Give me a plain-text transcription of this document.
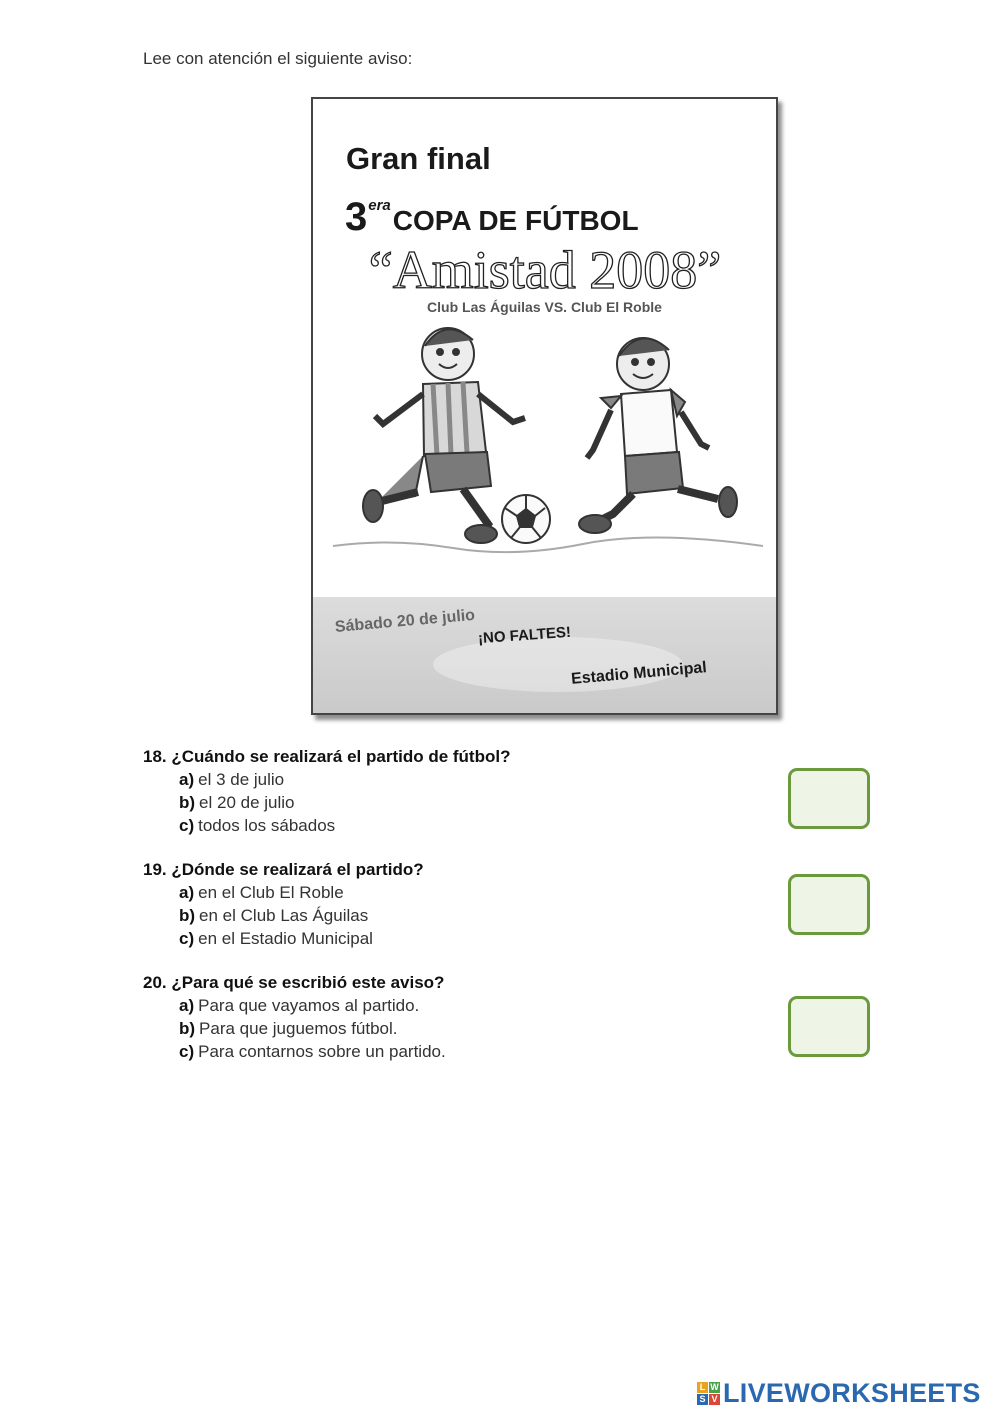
Lee con atención el siguiente aviso:
Gran final
3eraCOPA DE FÚTBOL
“Amistad 2008”
Club Las Águilas VS. Club El Roble
Sábado 20 de julio ¡NO FALTES!
Estadio Municipal
18. ¿Cuándo se realizará el partido de fútbol?
a) el 3 de julio
b) el 20 de julio
c) todos los sábados
19. ¿Dónde se realizará el partido?
a) en el Club El Roble
b) en el Club Las Águilas
c) en el Estadio Municipal
20. ¿Para qué se escribió este aviso?
a) Para que vayamos al partido.
b) Para que juguemos fútbol.
c) Para contarnos sobre un partido.
L W
S V LIVEWORKSHEETS
